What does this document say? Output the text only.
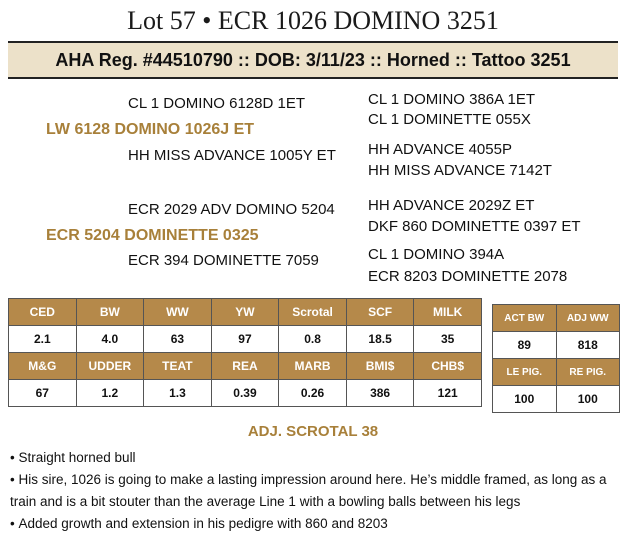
Lot 57 • ECR 1026 DOMINO 3251
AHA Reg. #44510790 :: DOB: 3/11/23 :: Horned :: Tattoo 3251
CL 1 DOMINO 6128D 1ET
LW 6128 DOMINO 1026J ET
HH MISS ADVANCE 1005Y ET
CL 1 DOMINO 386A 1ET
CL 1 DOMINETTE 055X
HH ADVANCE 4055P
HH MISS ADVANCE 7142T
ECR 2029 ADV DOMINO 5204
ECR 5204 DOMINETTE 0325
ECR 394 DOMINETTE 7059
HH ADVANCE 2029Z ET
DKF 860 DOMINETTE 0397 ET
CL 1 DOMINO 394A
ECR 8203 DOMINETTE 2078
CED	BW	WW	YW	Scrotal	SCF	MILK
2.1	4.0	63	97	0.8	18.5	35
M&G	UDDER	TEAT	REA	MARB	BMI$	CHB$
67	1.2	1.3	0.39	0.26	386	121
ACT BW	ADJ WW
89	818
LE PIG.	RE PIG.
100	100
ADJ. SCROTAL 38
• Straight horned bull
• His sire, 1026 is going to make a lasting impression around here. He’s middle framed, as long as a train and is a bit stouter than the average Line 1 with a bowling balls between his legs
• Added growth and extension in his pedigre with 860 and 8203
